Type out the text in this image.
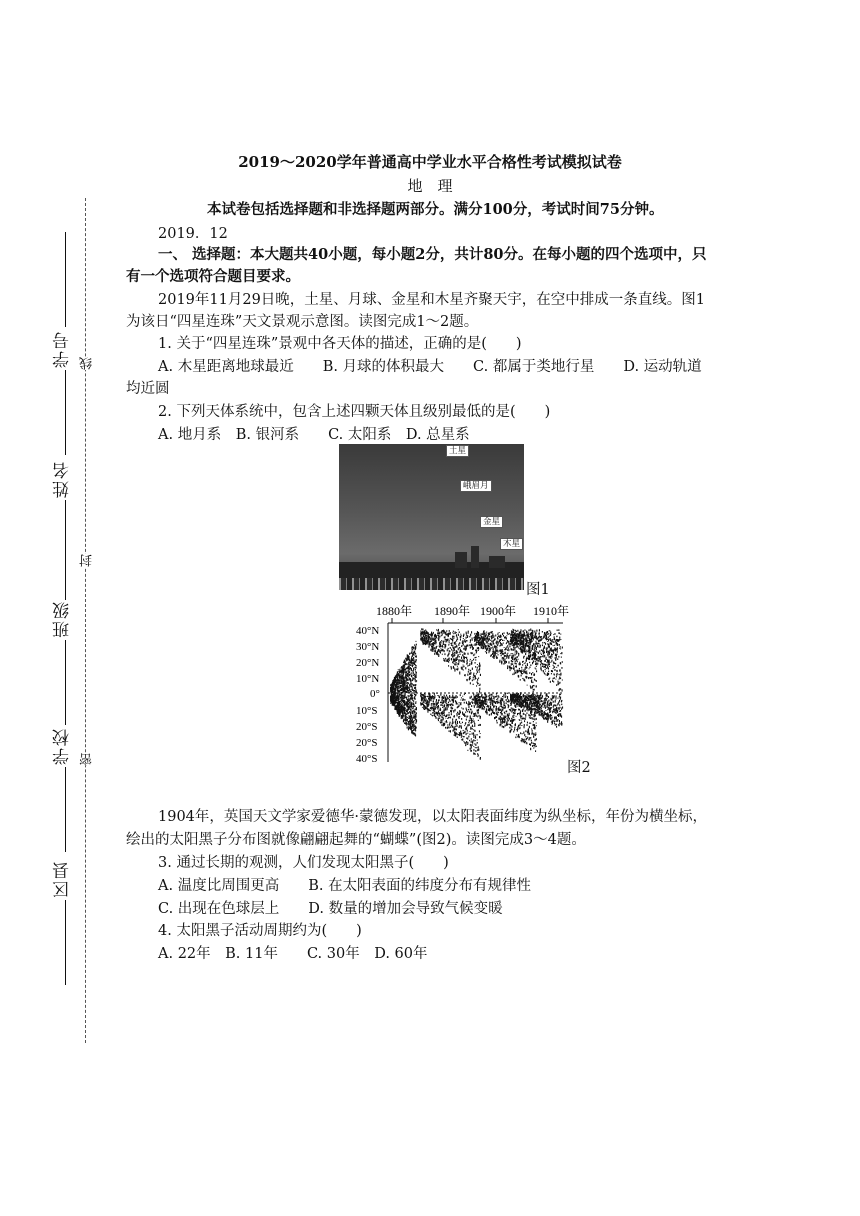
学号
姓名
班级
学校
区县
线
封
密
2019～2020学年普通高中学业水平合格性考试模拟试卷
地　理
本试卷包括选择题和非选择题两部分。满分100分，考试时间75分钟。
2019．12
一、 选择题：本大题共40小题，每小题2分，共计80分。在每小题的四个选项中，只
有一个选项符合题目要求。
2019年11月29日晚，土星、月球、金星和木星齐聚天宇，在空中排成一条直线。图1
为该日“四星连珠”天文景观示意图。读图完成1～2题。
1. 关于“四星连珠”景观中各天体的描述，正确的是(　　)
A. 木星距离地球最近　　B. 月球的体积最大　　C. 都属于类地行星　　D. 运动轨道
均近圆
2. 下列天体系统中，包含上述四颗天体且级别最低的是(　　)
A. 地月系　B. 银河系　　C. 太阳系　D. 总星系
土星
峨眉月
金星
木星
图1
1880年 1890年 1900年 1910年
40°N
30°N
20°N
10°N
0°
10°S
20°S
20°S
40°S
图2
1904年，英国天文学家爱德华·蒙德发现，以太阳表面纬度为纵坐标，年份为横坐标，
绘出的太阳黑子分布图就像翩翩起舞的“蝴蝶”(图2)。读图完成3～4题。
3. 通过长期的观测，人们发现太阳黑子(　　)
A. 温度比周围更高　　B. 在太阳表面的纬度分布有规律性
C. 出现在色球层上　　D. 数量的增加会导致气候变暖
4. 太阳黑子活动周期约为(　　)
A. 22年　B. 11年　　C. 30年　D. 60年
